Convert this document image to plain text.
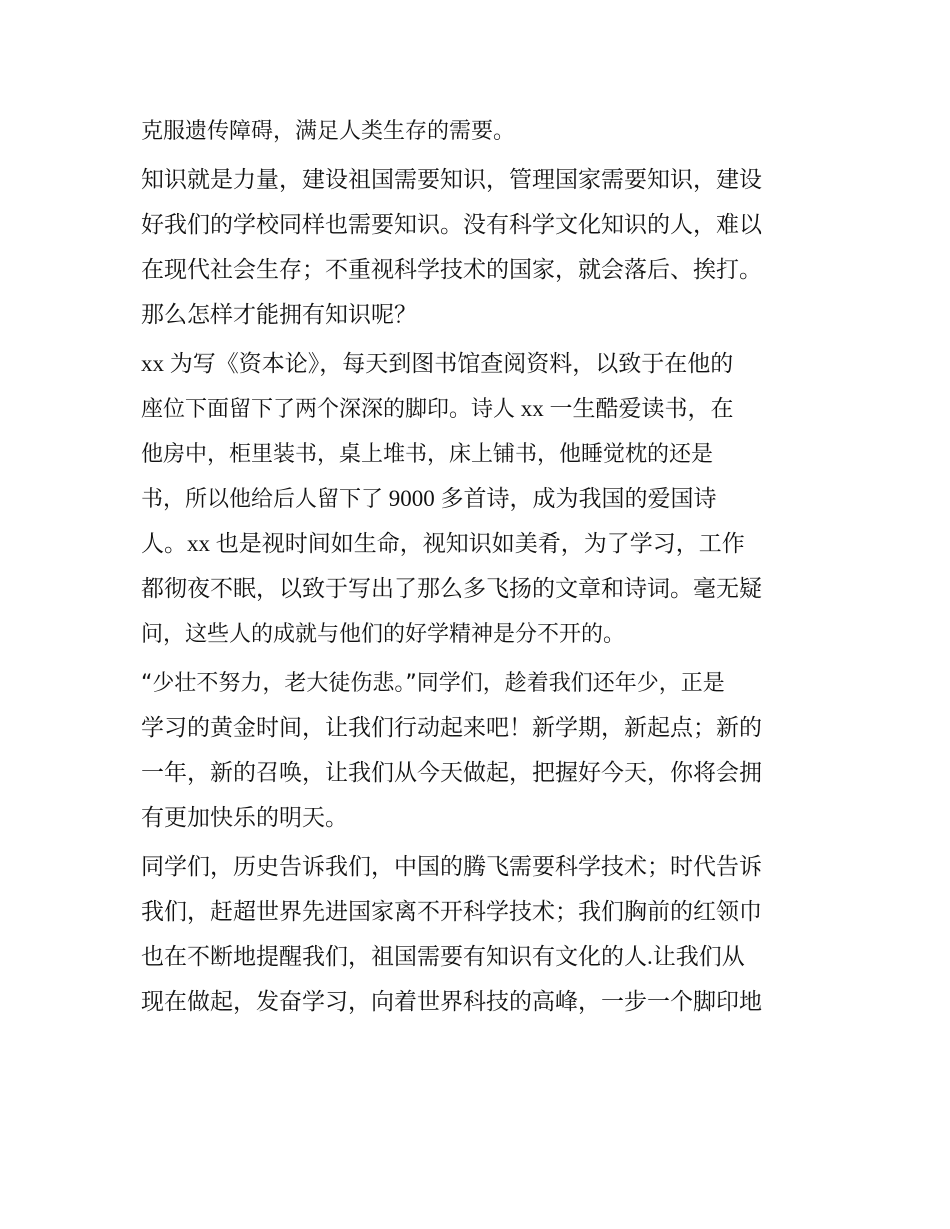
克服遗传障碍，满足人类生存的需要。
知识就是力量，建设祖国需要知识，管理国家需要知识，建设
好我们的学校同样也需要知识。没有科学文化知识的人，难以
在现代社会生存；不重视科学技术的国家，就会落后、挨打。
那么怎样才能拥有知识呢？
xx 为写《资本论》，每天到图书馆查阅资料，以致于在他的
座位下面留下了两个深深的脚印。诗人 xx 一生酷爱读书，在
他房中，柜里装书，桌上堆书，床上铺书，他睡觉枕的还是
书，所以他给后人留下了 9000 多首诗，成为我国的爱国诗
人。xx 也是视时间如生命，视知识如美肴，为了学习，工作
都彻夜不眠，以致于写出了那么多飞扬的文章和诗词。毫无疑
问，这些人的成就与他们的好学精神是分不开的。
“少壮不努力，老大徒伤悲。”同学们，趁着我们还年少，正是
学习的黄金时间，让我们行动起来吧！新学期，新起点；新的
一年，新的召唤，让我们从今天做起，把握好今天，你将会拥
有更加快乐的明天。
同学们，历史告诉我们，中国的腾飞需要科学技术；时代告诉
我们，赶超世界先进国家离不开科学技术；我们胸前的红领巾
也在不断地提醒我们，祖国需要有知识有文化的人.让我们从
现在做起，发奋学习，向着世界科技的高峰，一步一个脚印地
